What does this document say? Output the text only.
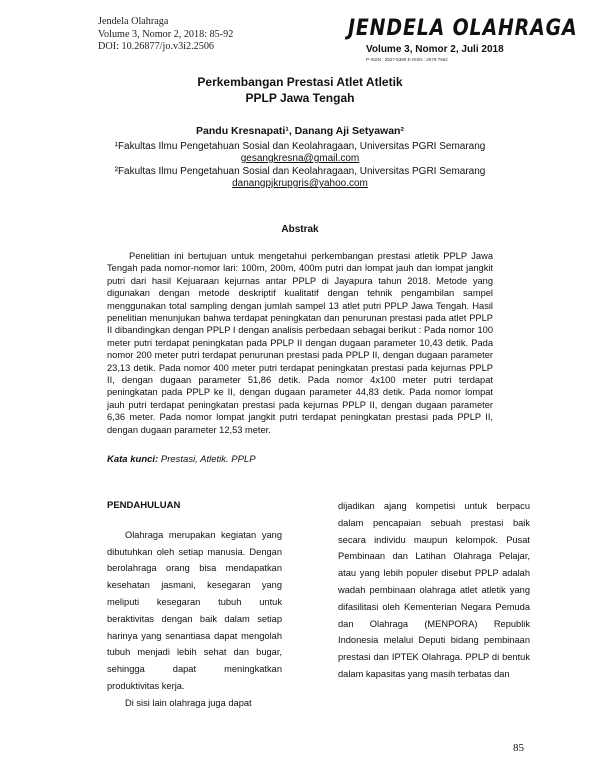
Jendela Olahraga
Volume 3, Nomor 2, 2018: 85-92
DOI: 10.26877/jo.v3i2.2506
JENDELA OLAHRAGA
Volume 3, Nomor 2, Juli 2018
P-ISSN : 2527-5380 E-ISSN : 2579-7662
Perkembangan Prestasi Atlet Atletik
PPLP Jawa Tengah
Pandu Kresnapati¹, Danang Aji Setyawan²
¹Fakultas Ilmu Pengetahuan Sosial dan Keolahragaan, Universitas PGRI Semarang
gesangkresna@gmail.com
²Fakultas Ilmu Pengetahuan Sosial dan Keolahragaan, Universitas PGRI Semarang
danangpjkrupgris@yahoo.com
Abstrak

Penelitian ini bertujuan untuk mengetahui perkembangan prestasi atletik PPLP Jawa Tengah pada nomor-nomor lari: 100m, 200m, 400m putri dan lompat jauh dan lompat jangkit putri dari hasil Kejuaraan kejurnas antar PPLP di Jayapura tahun 2018. Metode yang digunakan dengan metode deskriptif kualitatif dengan tehnik pengambilan sampel menggunakan total sampling dengan jumlah sampel 13 atlet putri PPLP Jawa Tengah. Hasil penelitian menunjukan bahwa terdapat peningkatan dan penurunan prestasi pada atlet PPLP II dibandingkan dengan PPLP I dengan analisis perbedaan sebagai berikut : Pada nomor 100 meter putri terdapat peningkatan pada PPLP II dengan dugaan parameter 10,43 detik. Pada nomor 200 meter putri terdapat penurunan prestasi pada PPLP II, dengan dugaan parameter 23,13 detik. Pada nomor 400 meter putri terdapat peningkatan prestasi pada kejurnas PPLP II, dengan dugaan parameter 51,86 detik. Pada nomor 4x100 meter putri terdapat peningkatan pada PPLP ke II, dengan dugaan parameter 44,83 detik. Pada nomor lompat jauh putri terdapat peningkatan prestasi pada kejurnas PPLP II, dengan dugaan parameter 6,36 meter. Pada nomor lompat jangkit putri terdapat peningkatan prestasi pada PPLP II, dengan dugaan parameter 12,53 meter.

Kata kunci: Prestasi, Atletik. PPLP
PENDAHULUAN

Olahraga merupakan kegiatan yang dibutuhkan oleh setiap manusia. Dengan berolahraga orang bisa mendapatkan kesehatan jasmani, kesegaran yang meliputi kesegaran tubuh untuk beraktivitas dengan baik dalam setiap harinya yang senantiasa dapat mengolah tubuh menjadi lebih sehat dan bugar, sehingga dapat meningkatkan produktivitas kerja.

Di sisi lain olahraga juga dapat

dijadikan ajang kompetisi untuk berpacu dalam pencapaian sebuah prestasi baik secara individu maupun kelompok. Pusat Pembinaan dan Latihan Olahraga Pelajar, atau yang lebih populer disebut PPLP adalah wadah pembinaan olahraga atlet atletik yang difasilitasi oleh Kementerian Negara Pemuda dan Olahraga (MENPORA) Republik Indonesia melalui Deputi bidang pembinaan prestasi dan IPTEK Olahraga. PPLP di bentuk dalam kapasitas yang masih terbatas dan

85
